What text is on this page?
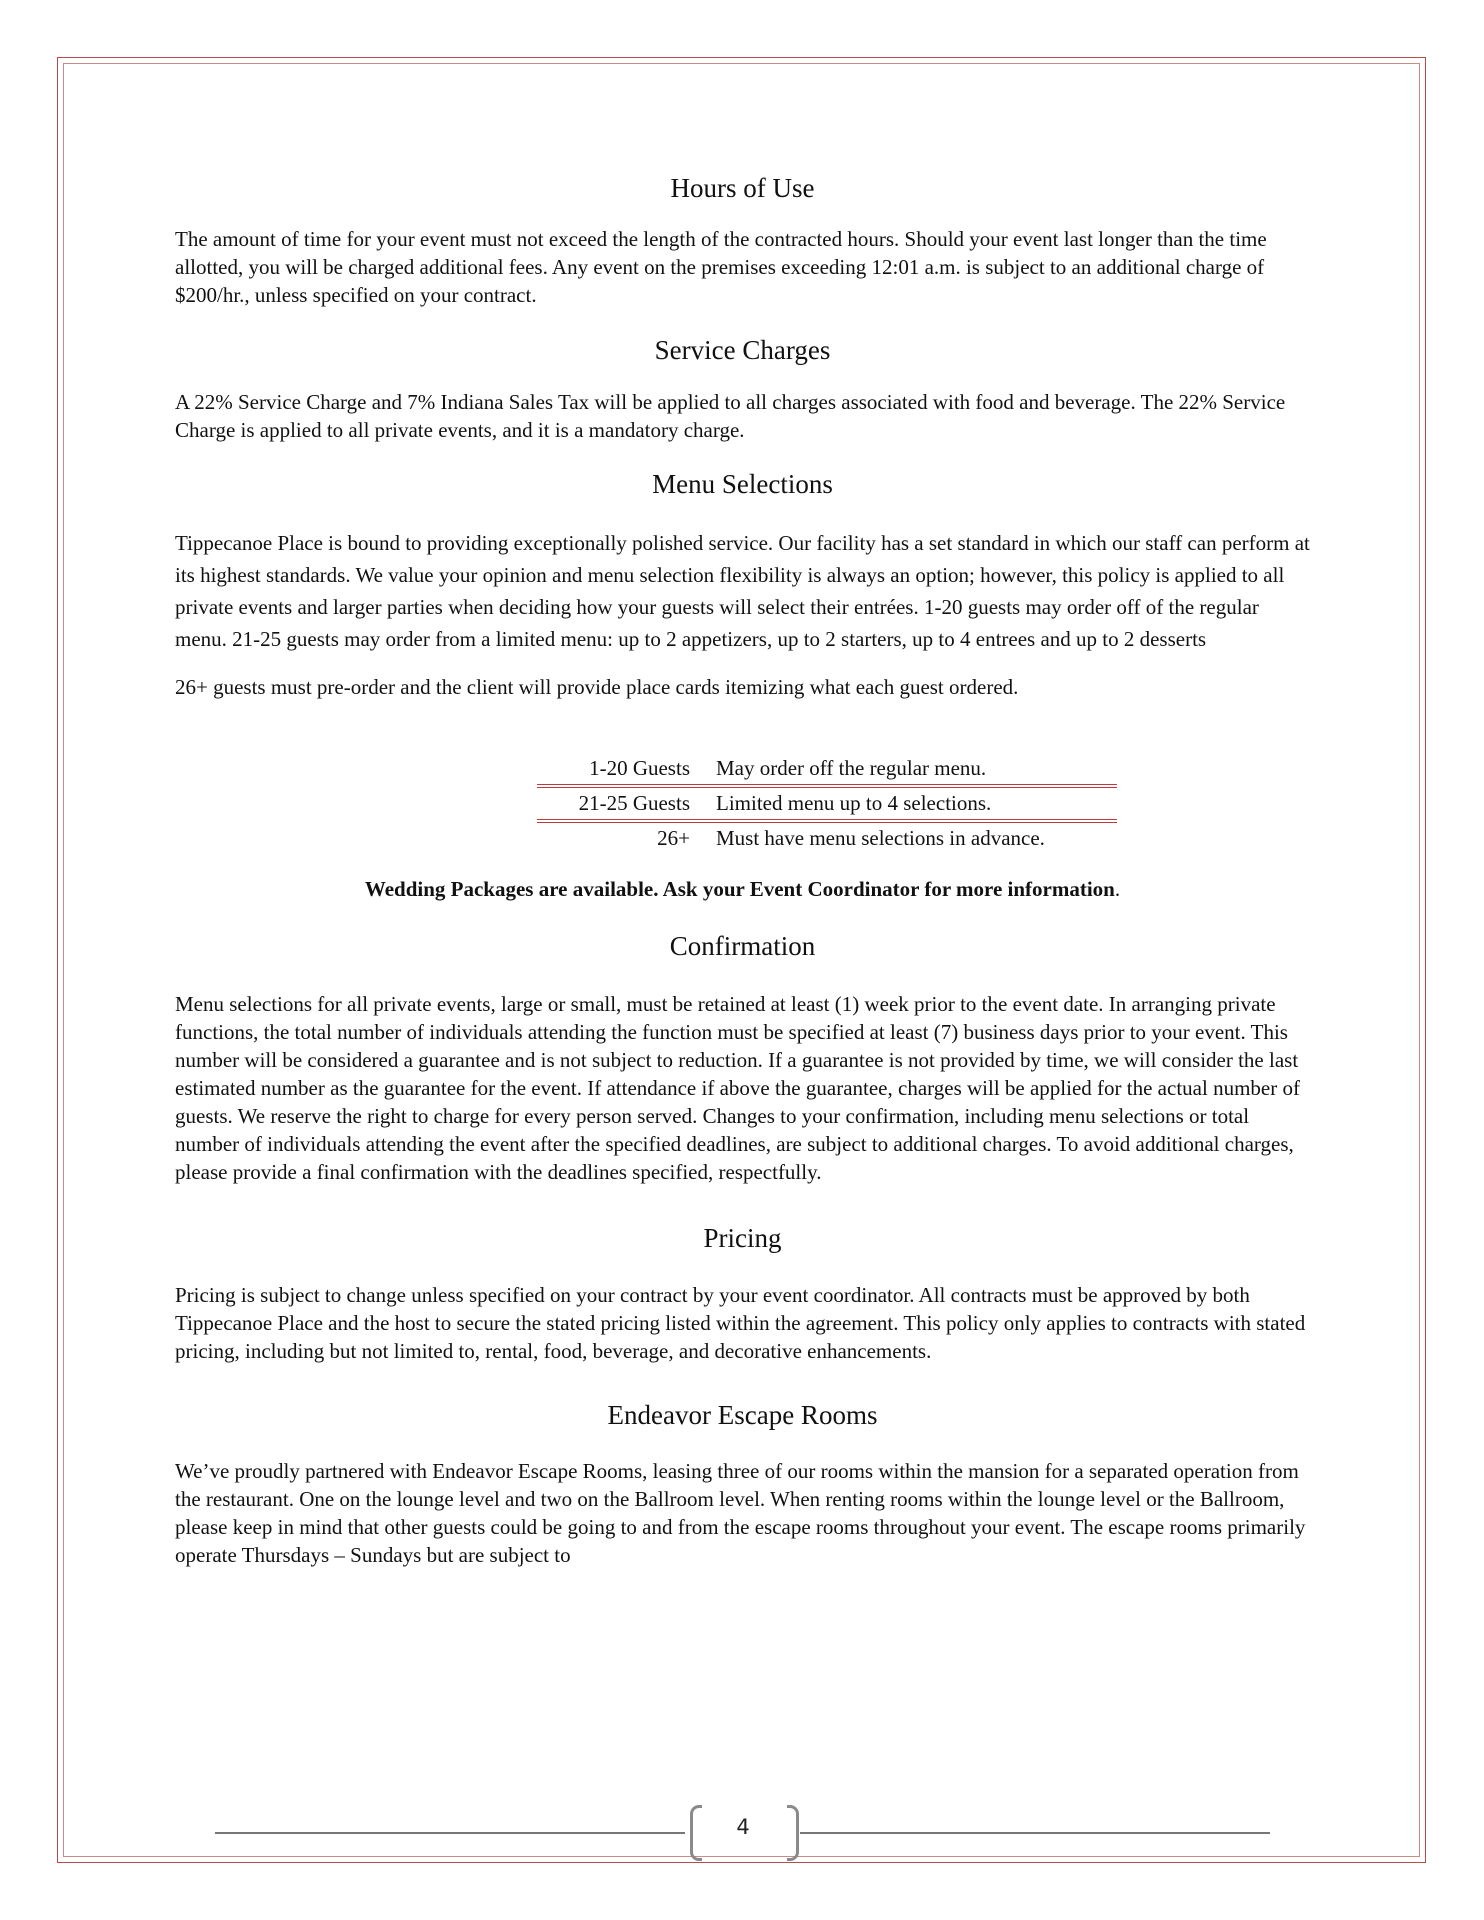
Hours of Use

The amount of time for your event must not exceed the length of the contracted hours. Should your event last longer than the time allotted, you will be charged additional fees. Any event on the premises exceeding 12:01 a.m. is subject to an additional charge of $200/hr., unless specified on your contract.

Service Charges

A 22% Service Charge and 7% Indiana Sales Tax will be applied to all charges associated with food and beverage. The 22% Service Charge is applied to all private events, and it is a mandatory charge.

Menu Selections

Tippecanoe Place is bound to providing exceptionally polished service. Our facility has a set standard in which our staff can perform at its highest standards. We value your opinion and menu selection flexibility is always an option; however, this policy is applied to all private events and larger parties when deciding how your guests will select their entrées. 1-20 guests may order off of the regular menu. 21-25 guests may order from a limited menu: up to 2 appetizers, up to 2 starters, up to 4 entrees and up to 2 desserts

26+ guests must pre-order and the client will provide place cards itemizing what each guest ordered.

1-20 Guests	May order off the regular menu.
21-25 Guests	Limited menu up to 4 selections.
26+	Must have menu selections in advance.
Wedding Packages are available. Ask your Event Coordinator for more information.
Confirmation

Menu selections for all private events, large or small, must be retained at least (1) week prior to the event date. In arranging private functions, the total number of individuals attending the function must be specified at least (7) business days prior to your event. This number will be considered a guarantee and is not subject to reduction. If a guarantee is not provided by time, we will consider the last estimated number as the guarantee for the event. If attendance if above the guarantee, charges will be applied for the actual number of guests. We reserve the right to charge for every person served. Changes to your confirmation, including menu selections or total number of individuals attending the event after the specified deadlines, are subject to additional charges. To avoid additional charges, please provide a final confirmation with the deadlines specified, respectfully.

Pricing

Pricing is subject to change unless specified on your contract by your event coordinator. All contracts must be approved by both Tippecanoe Place and the host to secure the stated pricing listed within the agreement. This policy only applies to contracts with stated pricing, including but not limited to, rental, food, beverage, and decorative enhancements.

Endeavor Escape Rooms

We’ve proudly partnered with Endeavor Escape Rooms, leasing three of our rooms within the mansion for a separated operation from the restaurant. One on the lounge level and two on the Ballroom level. When renting rooms within the lounge level or the Ballroom, please keep in mind that other guests could be going to and from the escape rooms throughout your event. The escape rooms primarily operate Thursdays – Sundays but are subject to

4
